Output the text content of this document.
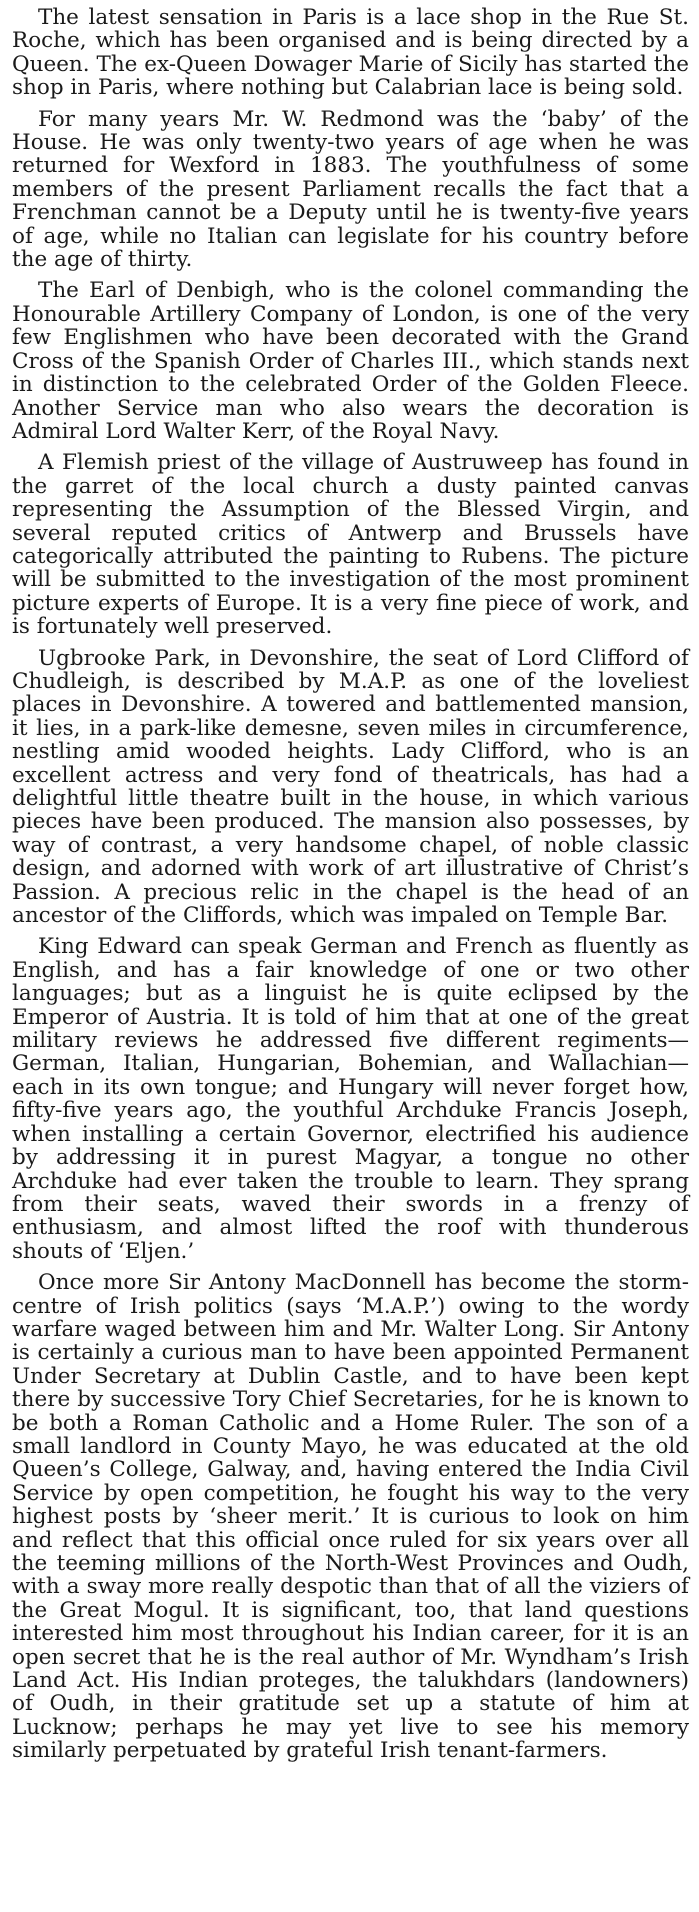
The latest sensation in Paris is a lace shop in the Rue St. Roche, which has been organised and is being directed by a Queen. The ex-Queen Dowager Marie of Sicily has started the shop in Paris, where nothing but Calabrian lace is being sold.

For many years Mr. W. Redmond was the ‘baby’ of the House. He was only twenty-two years of age when he was returned for Wexford in 1883. The youthfulness of some members of the present Parliament recalls the fact that a Frenchman cannot be a Deputy until he is twenty-five years of age, while no Italian can legislate for his country before the age of thirty.

The Earl of Denbigh, who is the colonel commanding the Honourable Artillery Company of London, is one of the very few Englishmen who have been decorated with the Grand Cross of the Spanish Order of Charles III., which stands next in distinction to the celebrated Order of the Golden Fleece. Another Service man who also wears the decoration is Admiral Lord Walter Kerr, of the Royal Navy.

A Flemish priest of the village of Austruweep has found in the garret of the local church a dusty painted canvas representing the Assumption of the Blessed Virgin, and several reputed critics of Antwerp and Brussels have categorically attributed the painting to Rubens. The picture will be submitted to the investigation of the most prominent picture experts of Europe. It is a very fine piece of work, and is fortunately well preserved.

Ugbrooke Park, in Devonshire, the seat of Lord Clifford of Chudleigh, is described by M.A.P. as one of the loveliest places in Devonshire. A towered and battlemented mansion, it lies, in a park-like demesne, seven miles in circumference, nestling amid wooded heights. Lady Clifford, who is an excellent actress and very fond of theatricals, has had a delightful little theatre built in the house, in which various pieces have been produced. The mansion also possesses, by way of contrast, a very handsome chapel, of noble classic design, and adorned with work of art illustrative of Christ’s Passion. A precious relic in the chapel is the head of an ancestor of the Cliffords, which was impaled on Temple Bar.

King Edward can speak German and French as fluently as English, and has a fair knowledge of one or two other languages; but as a linguist he is quite eclipsed by the Emperor of Austria. It is told of him that at one of the great military reviews he addressed five different regiments—German, Italian, Hungarian, Bohemian, and Wallachian—each in its own tongue; and Hungary will never forget how, fifty-five years ago, the youthful Archduke Francis Joseph, when installing a certain Governor, electrified his audience by addressing it in purest Magyar, a tongue no other Archduke had ever taken the trouble to learn. They sprang from their seats, waved their swords in a frenzy of enthusiasm, and almost lifted the roof with thunderous shouts of ‘Eljen.’

Once more Sir Antony MacDonnell has become the storm-centre of Irish politics (says ‘M.A.P.’) owing to the wordy warfare waged between him and Mr. Walter Long. Sir Antony is certainly a curious man to have been appointed Permanent Under Secretary at Dublin Castle, and to have been kept there by successive Tory Chief Secretaries, for he is known to be both a Roman Catholic and a Home Ruler. The son of a small landlord in County Mayo, he was educated at the old Queen’s College, Galway, and, having entered the India Civil Service by open competition, he fought his way to the very highest posts by ‘sheer merit.’ It is curious to look on him and reflect that this official once ruled for six years over all the teeming millions of the North-West Provinces and Oudh, with a sway more really despotic than that of all the viziers of the Great Mogul. It is significant, too, that land questions interested him most throughout his Indian career, for it is an open secret that he is the real author of Mr. Wyndham’s Irish Land Act. His Indian proteges, the talukhdars (landowners) of Oudh, in their gratitude set up a statute of him at Lucknow; perhaps he may yet live to see his memory similarly perpetuated by grateful Irish tenant-farmers.
